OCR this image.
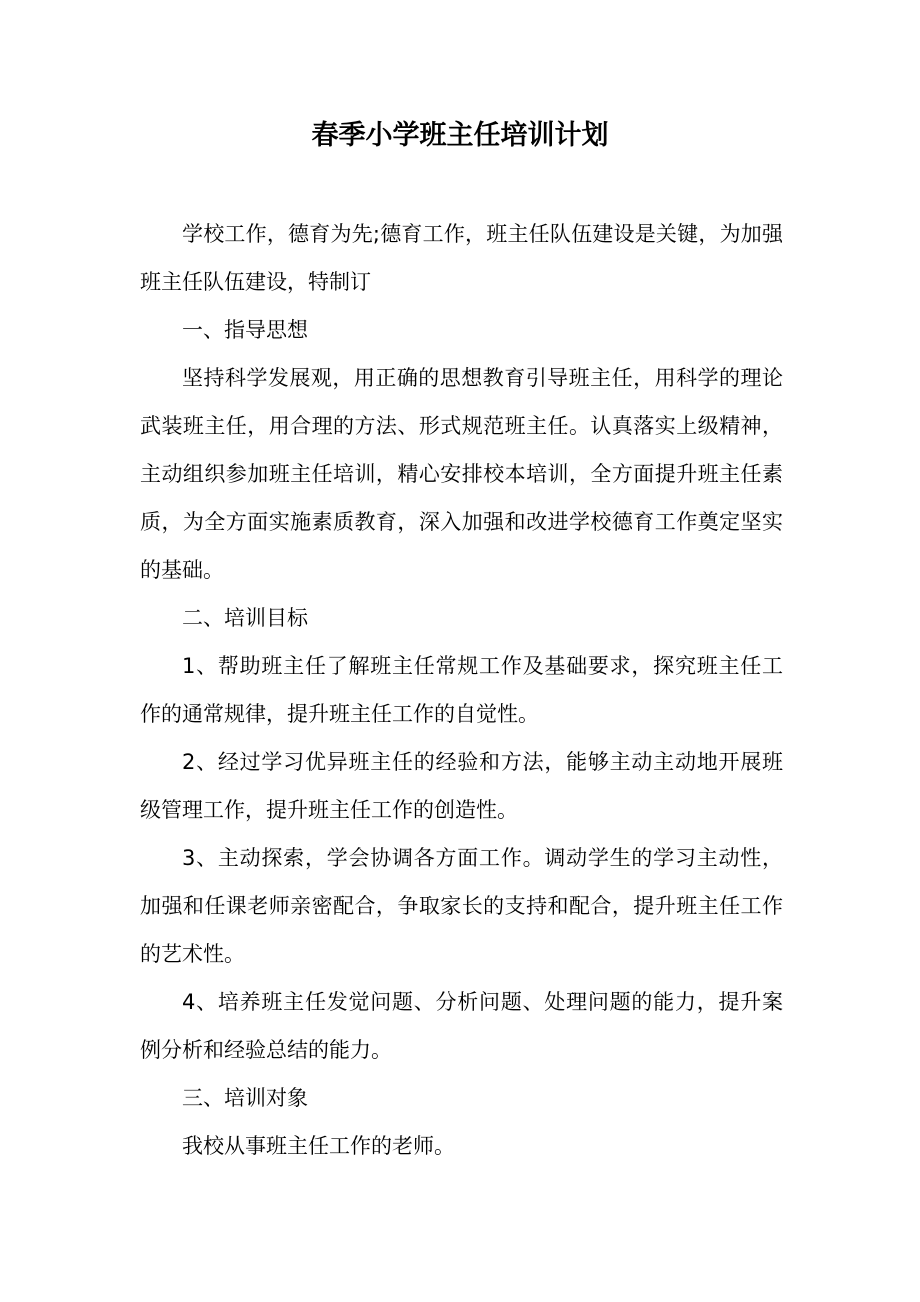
春季小学班主任培训计划

学校工作，德育为先;德育工作，班主任队伍建设是关键，为加强班主任队伍建设，特制订

一、指导思想

坚持科学发展观，用正确的思想教育引导班主任，用科学的理论武装班主任，用合理的方法、形式规范班主任。认真落实上级精神，主动组织参加班主任培训，精心安排校本培训，全方面提升班主任素质，为全方面实施素质教育，深入加强和改进学校德育工作奠定坚实的基础。

二、培训目标

1、帮助班主任了解班主任常规工作及基础要求，探究班主任工作的通常规律，提升班主任工作的自觉性。

2、经过学习优异班主任的经验和方法，能够主动主动地开展班级管理工作，提升班主任工作的创造性。

3、主动探索，学会协调各方面工作。调动学生的学习主动性，加强和任课老师亲密配合，争取家长的支持和配合，提升班主任工作的艺术性。

4、培养班主任发觉问题、分析问题、处理问题的能力，提升案例分析和经验总结的能力。

三、培训对象

我校从事班主任工作的老师。
